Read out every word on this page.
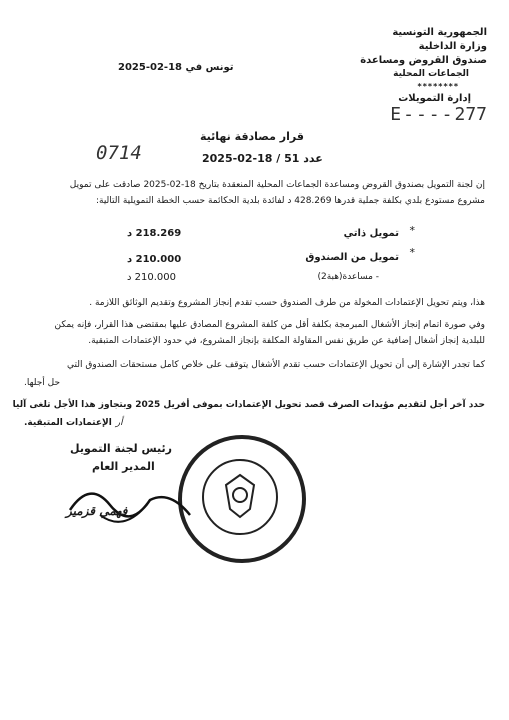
الجمهورية التونسية
وزارة الداخلية
صندوق القروض ومساعدة
الجماعات المحلية
********
إدارة التمويلات
E----277
تونس في 18-02-2025
0714
قرار مصادقة نهائية
عدد 51 / 18-02-2025
إن لجنة التمويل بصندوق القروض ومساعدة الجماعات المحلية المنعقدة بتاريخ 18-02-2025 صادقت على تمويل
مشروع مستودع بلدي بكلفة جملية قدرها 428.269 د لفائدة بلدية الحكائمة حسب الخطة التمويلية التالية:
*
تمويل ذاتي
218.269 د
*
تمويل من الصندوق
210.000 د
- مساعدة(هبة2)
210.000 د
هذا، ويتم تحويل الإعتمادات المخولة من طرف الصندوق حسب تقدم إنجاز المشروع وتقديم الوثائق اللازمة .
وفي صورة اتمام إنجاز الأشغال المبرمجة بكلفة أقل من كلفة المشروع المصادق عليها بمقتضى هذا القرار، فإنه يمكن
للبلدية إنجاز أشغال إضافية عن طريق نفس المقاولة المكلفة بإنجاز المشروع، في حدود الإعتمادات المتبقية.
كما تجدر الإشارة إلى أن تحويل الإعتمادات حسب تقدم الأشغال يتوقف على خلاص كامل مستحقات الصندوق التي
حل أجلها.
حدد آخر أجل لتقديم مؤيدات الصرف قصد تحويل الإعتمادات بموفى أفريل 2025 وبتجاوز هذا الأجل تلغى آليا
ﺃﺭالإعتمادات المتبقية.
رئيس لجنة التمويل
المدير العام
فهمي قزمير
